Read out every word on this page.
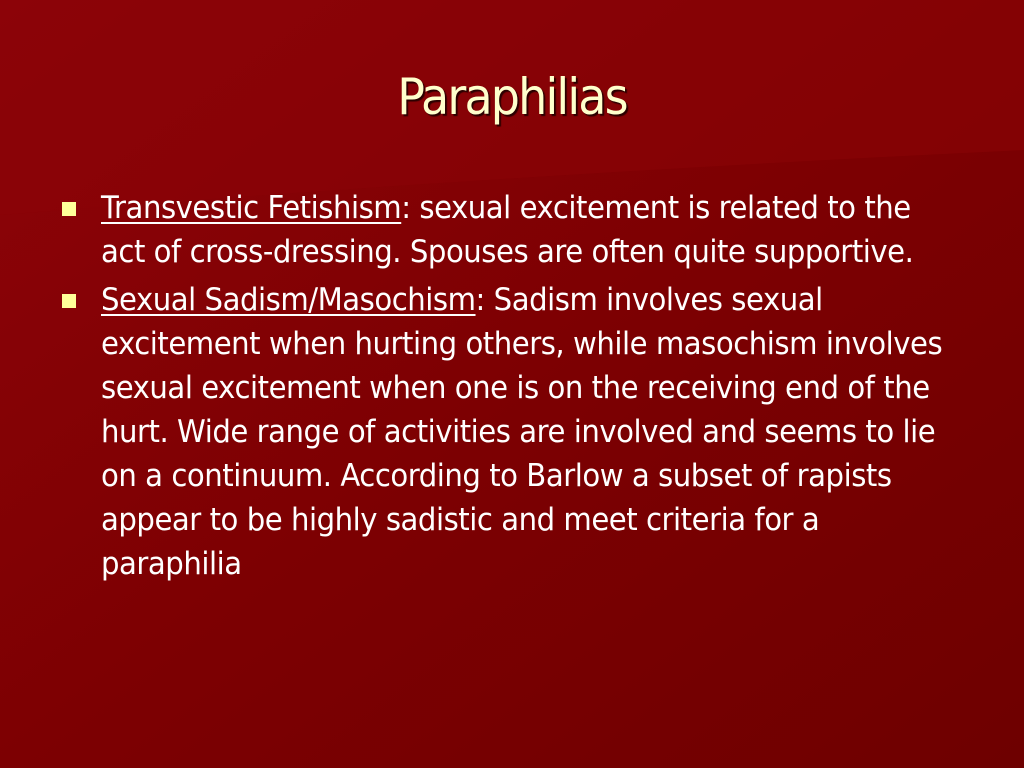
Paraphilias
Transvestic Fetishism: sexual excitement is related to the act of cross-dressing. Spouses are often quite supportive.
Sexual Sadism/Masochism: Sadism involves sexual excitement when hurting others, while masochism involves sexual excitement when one is on the receiving end of the hurt. Wide range of activities are involved and seems to lie on a continuum. According to Barlow a subset of rapists appear to be highly sadistic and meet criteria for a paraphilia
